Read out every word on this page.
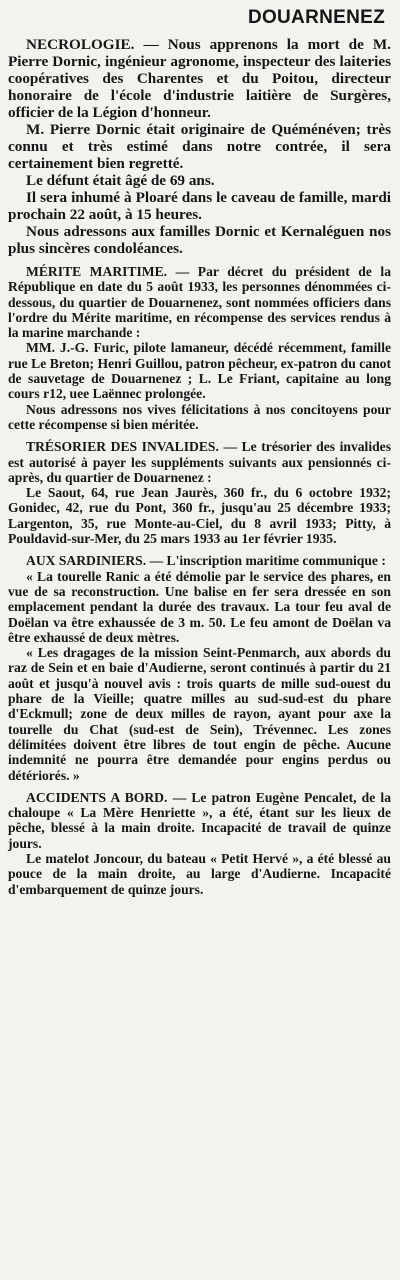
DOUARNENEZ

NECROLOGIE. — Nous apprenons la mort de M. Pierre Dornic, ingénieur agronome, inspecteur des laiteries coopératives des Charentes et du Poitou, directeur honoraire de l'école d'industrie laitière de Surgères, officier de la Légion d'honneur.

M. Pierre Dornic était originaire de Quéménéven; très connu et très estimé dans notre contrée, il sera certainement bien regretté.

Le défunt était âgé de 69 ans.

Il sera inhumé à Ploaré dans le caveau de famille, mardi prochain 22 août, à 15 heures.

Nous adressons aux familles Dornic et Kernaléguen nos plus sincères condoléances.

MÉRITE MARITIME. — Par décret du président de la République en date du 5 août 1933, les personnes dénommées ci-dessous, du quartier de Douarnenez, sont nommées officiers dans l'ordre du Mérite maritime, en récompense des services rendus à la marine marchande :

MM. J.-G. Furic, pilote lamaneur, décédé récemment, famille rue Le Breton; Henri Guillou, patron pêcheur, ex-patron du canot de sauvetage de Douarnenez ; L. Le Friant, capitaine au long cours r12, uee Laënnec prolongée.

Nous adressons nos vives félicitations à nos concitoyens pour cette récompense si bien méritée.

TRÉSORIER DES INVALIDES. — Le trésorier des invalides est autorisé à payer les suppléments suivants aux pensionnés ci-après, du quartier de Douarnenez :

Le Saout, 64, rue Jean Jaurès, 360 fr., du 6 octobre 1932; Gonidec, 42, rue du Pont, 360 fr., jusqu'au 25 décembre 1933; Largenton, 35, rue Monte-au-Ciel, du 8 avril 1933; Pitty, à Pouldavid-sur-Mer, du 25 mars 1933 au 1er février 1935.

AUX SARDINIERS. — L'inscription maritime communique :

« La tourelle Ranic a été démolie par le service des phares, en vue de sa reconstruction. Une balise en fer sera dressée en son emplacement pendant la durée des travaux. La tour feu aval de Doëlan va être exhaussée de 3 m. 50. Le feu amont de Doëlan va être exhaussé de deux mètres.

« Les dragages de la mission Seint-Penmarch, aux abords du raz de Sein et en baie d'Audierne, seront continués à partir du 21 août et jusqu'à nouvel avis : trois quarts de mille sud-ouest du phare de la Vieille; quatre milles au sud-sud-est du phare d'Eckmull; zone de deux milles de rayon, ayant pour axe la tourelle du Chat (sud-est de Sein), Trévennec. Les zones délimitées doivent être libres de tout engin de pêche. Aucune indemnité ne pourra être demandée pour engins perdus ou détériorés. »

ACCIDENTS A BORD. — Le patron Eugène Pencalet, de la chaloupe « La Mère Henriette », a été, étant sur les lieux de pêche, blessé à la main droite. Incapacité de travail de quinze jours.

Le matelot Joncour, du bateau « Petit Hervé », a été blessé au pouce de la main droite, au large d'Audierne. Incapacité d'embarquement de quinze jours.
